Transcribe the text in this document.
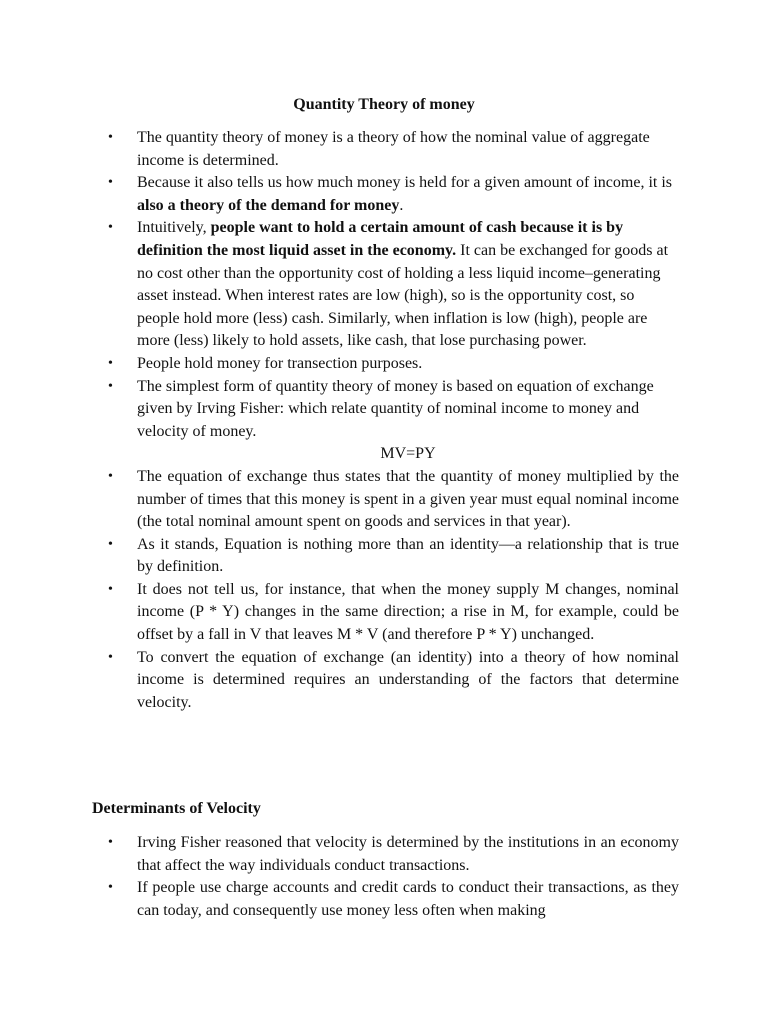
Quantity Theory of money
• The quantity theory of money is a theory of how the nominal value of aggregate income is determined.
• Because it also tells us how much money is held for a given amount of income, it is also a theory of the demand for money.
• Intuitively, people want to hold a certain amount of cash because it is by definition the most liquid asset in the economy. It can be exchanged for goods at no cost other than the opportunity cost of holding a less liquid income–generating asset instead. When interest rates are low (high), so is the opportunity cost, so people hold more (less) cash. Similarly, when inflation is low (high), people are more (less) likely to hold assets, like cash, that lose purchasing power.
• People hold money for transection purposes.
• The simplest form of quantity theory of money is based on equation of exchange given by Irving Fisher: which relate quantity of nominal income to money and velocity of money.
MV=PY
• The equation of exchange thus states that the quantity of money multiplied by the number of times that this money is spent in a given year must equal nominal income (the total nominal amount spent on goods and services in that year).
• As it stands, Equation is nothing more than an identity—a relationship that is true by definition.
• It does not tell us, for instance, that when the money supply M changes, nominal income (P * Y) changes in the same direction; a rise in M, for example, could be offset by a fall in V that leaves M * V (and therefore P * Y) unchanged.
• To convert the equation of exchange (an identity) into a theory of how nominal income is determined requires an understanding of the factors that determine velocity.
Determinants of Velocity
• Irving Fisher reasoned that velocity is determined by the institutions in an economy that affect the way individuals conduct transactions.
• If people use charge accounts and credit cards to conduct their transactions, as they can today, and consequently use money less often when making
